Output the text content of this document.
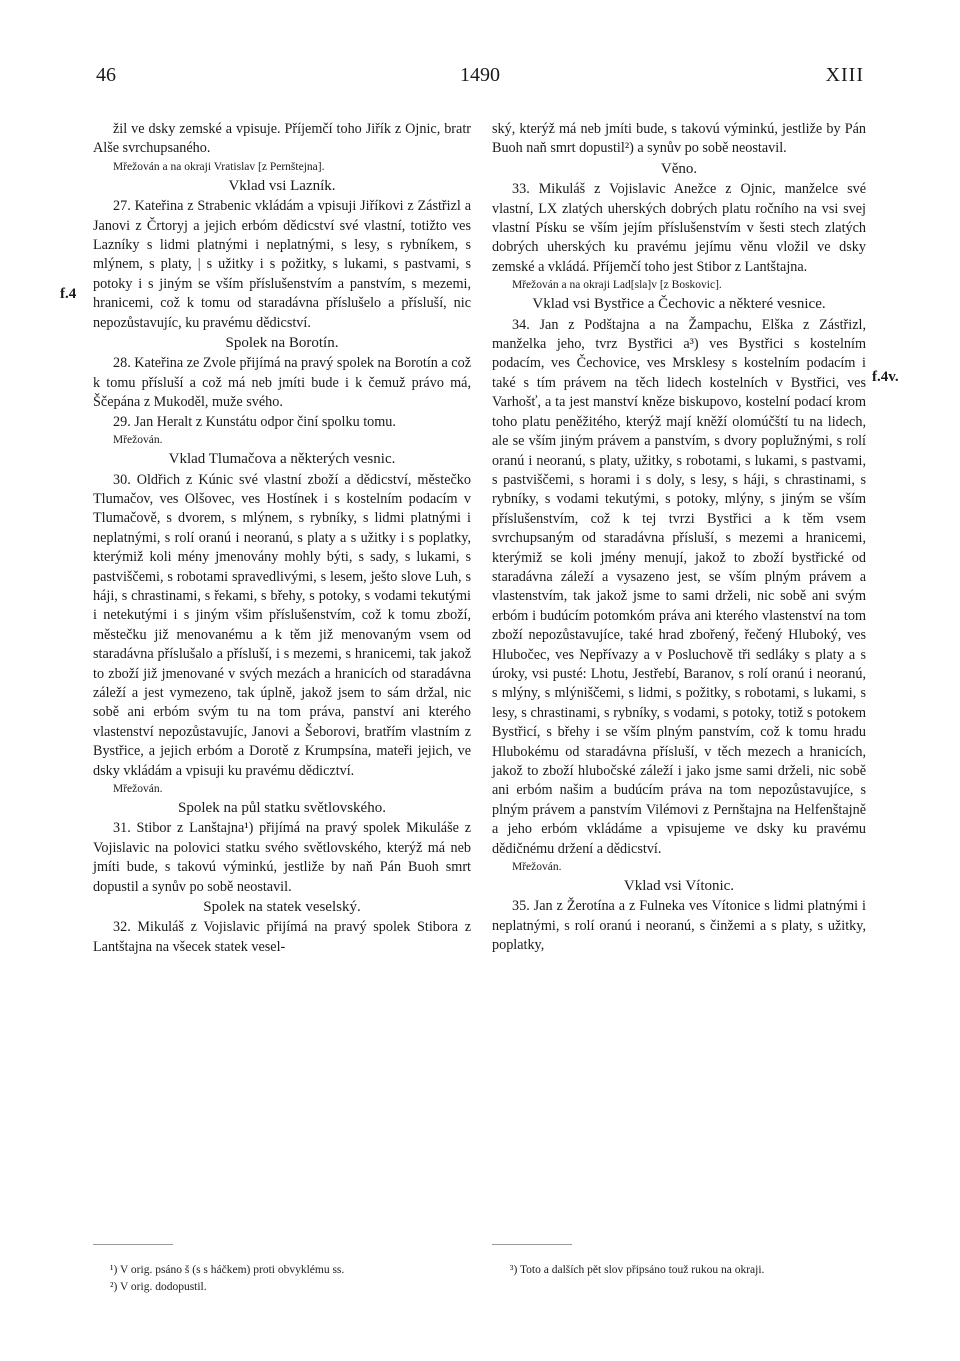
46	1490	XIII
f.4
f.4v.

žil ve dsky zemské a vpisuje. Příjemčí toho Jiřík z Ojnic, bratr Alše svrchupsaného.

Mřežován a na okraji Vratislav [z Pernštejna].

Vklad vsi Lazník.

27. Kateřina z Strabenic vkládám a vpisuji Jiříkovi z Zástřizl a Janovi z Črtoryj a jejich erbóm dědicství své vlastní, totižto ves Lazníky s lidmi platnými i neplatnými, s lesy, s rybníkem, s mlýnem, s platy, | s užitky i s požitky, s lukami, s pastvami, s potoky i s jiným se vším příslušenstvím a panstvím, s mezemi, hranicemi, což k tomu od staradávna příslušelo a přísluší, nic nepozůstavujíc, ku pravému dědicství.

Spolek na Borotín.

28. Kateřina ze Zvole přijímá na pravý spolek na Borotín a což k tomu přísluší a což má neb jmíti bude i k čemuž právo má, Ščepána z Mukoděl, muže svého.

29. Jan Heralt z Kunstátu odpor činí spolku tomu.

Mřežován.

Vklad Tlumačova a některých vesnic.

30. Oldřich z Kúnic své vlastní zboží a dědicství, městečko Tlumačov, ves Olšovec, ves Hostínek i s kostelním podacím v Tlumačově, s dvorem, s mlýnem, s rybníky, s lidmi platnými i neplatnými, s rolí oranú i neoranú, s platy a s užitky i s poplatky, kterýmiž koli mény jmenovány mohly býti, s sady, s lukami, s pastviščemi, s robotami spravedlivými, s lesem, ješto slove Luh, s háji, s chrastinami, s řekami, s břehy, s potoky, s vodami tekutými i netekutými i s jiným všim příslušenstvím, což k tomu zboží, městečku již menovanému a k těm již menovaným vsem od staradávna příslušalo a přísluší, i s mezemi, s hranicemi, tak jakož to zboží již jmenované v svých mezách a hranicích od staradávna záleží a jest vymezeno, tak úplně, jakož jsem to sám držal, nic sobě ani erbóm svým tu na tom práva, panství ani kterého vlastenství nepozůstavujíc, Janovi a Šeborovi, bratřím vlastním z Bystřice, a jejich erbóm a Dorotě z Krumpsína, mateři jejich, ve dsky vkládám a vpisuji ku pravému dědicztví.

Mřežován.

Spolek na půl statku světlovského.

31. Stibor z Lanštajna¹) přijímá na pravý spolek Mikuláše z Vojislavic na polovici statku svého světlovského, kterýž má neb jmíti bude, s takovú výminkú, jestliže by naň Pán Buoh smrt dopustil a synův po sobě neostavil.

Spolek na statek veselský.

32. Mikuláš z Vojislavic přijímá na pravý spolek Stibora z Lantštajna na všecek statek vesel-

ský, kterýž má neb jmíti bude, s takovú výminkú, jestliže by Pán Buoh naň smrt dopustil²) a synův po sobě neostavil.

Věno.

33. Mikuláš z Vojislavic Anežce z Ojnic, manželce své vlastní, LX zlatých uherských dobrých platu ročního na vsi svej vlastní Písku se vším jejím příslušenstvím v šesti stech zlatých dobrých uherských ku pravému jejímu věnu vložil ve dsky zemské a vkládá. Příjemčí toho jest Stibor z Lantštajna.

Mřežován a na okraji Lad[sla]v [z Boskovic].

Vklad vsi Bystřice a Čechovic a některé vesnice.

34. Jan z Podštajna a na Žampachu, Elška z Zástřizl, manželka jeho, tvrz Bystřici a³) ves Bystřici s kostelním podacím, ves Čechovice, ves Mrsklesy s kostelním podacím i také s tím právem na těch lidech kostelních v Bystřici, ves Varhošť, a ta jest manství kněze biskupovo, kostelní podací krom toho platu peněžitého, kterýž mají kněží olomúčští tu na lidech, ale se vším jiným právem a panstvím, s dvory poplužnými, s rolí oranú i neoranú, s platy, užitky, s robotami, s lukami, s pastvami, s pastviščemi, s horami i s doly, s lesy, s háji, s chrastinami, s rybníky, s vodami tekutými, s potoky, mlýny, s jiným se vším příslušenstvím, což k tej tvrzi Bystřici a k těm vsem svrchupsaným od staradávna přísluší, s mezemi a hranicemi, kterýmiž se koli jmény menují, jakož to zboží bystřické od staradávna záleží a vysazeno jest, se vším plným právem a vlastenstvím, tak jakož jsme to sami drželi, nic sobě ani svým erbóm i budúcím potomkóm práva ani kterého vlastenství na tom zboží nepozůstavujíce, také hrad zbořený, řečený Hluboký, ves Hlubočec, ves Nepřívazy a v Posluchově tři sedláky s platy a s úroky, vsi pusté: Lhotu, Jestřebí, Baranov, s rolí oranú i neoranú, s mlýny, s mlýniščemi, s lidmi, s požitky, s robotami, s lukami, s lesy, s chrastinami, s rybníky, s vodami, s potoky, totiž s potokem Bystřicí, s břehy i se vším plným panstvím, což k tomu hradu Hlubokému od staradávna přísluší, v těch mezech a hranicích, jakož to zboží hlubočské záleží i jako jsme sami drželi, nic sobě ani erbóm našim a budúcím práva na tom nepozůstavujíce, s plným právem a panstvím Vilémovi z Pernštajna na Helfenštajně a jeho erbóm vkládáme a vpisujeme ve dsky ku pravému dědičnému držení a dědicství.

Mřežován.

Vklad vsi Vítonic.

35. Jan z Žerotína a z Fulneka ves Vítonice s lidmi platnými i neplatnými, s rolí oranú i neoranú, s činžemi a s platy, s užitky, poplatky,

¹) V orig. psáno š (s s háčkem) proti obvyklému ss.

²) V orig. dodopustil.

³) Toto a dalších pět slov připsáno touž rukou na okraji.
